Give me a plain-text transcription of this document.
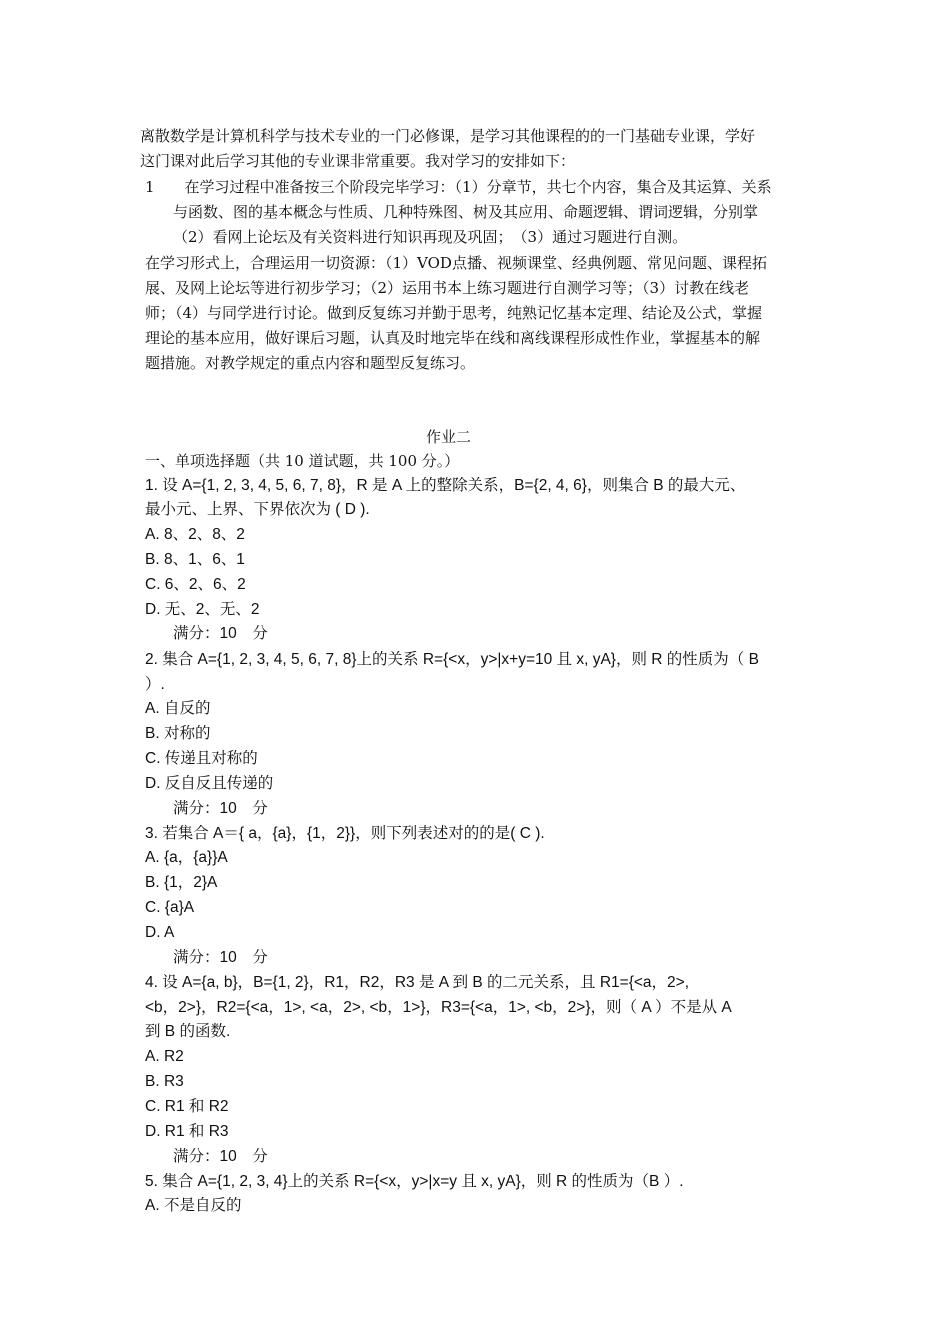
离散数学是计算机科学与技术专业的一门必修课，是学习其他课程的的一门基础专业课，学好
这门课对此后学习其他的专业课非常重要。我对学习的安排如下：
1　　在学习过程中准备按三个阶段完毕学习：（1）分章节，共七个内容，集合及其运算、关系
与函数、图的基本概念与性质、几种特殊图、树及其应用、命题逻辑、谓词逻辑，分别掌
（2）看网上论坛及有关资料进行知识再现及巩固；　（3）通过习题进行自测。
在学习形式上，合理运用一切资源：（1）VOD点播、视频课堂、经典例题、常见问题、课程拓
展、及网上论坛等进行初步学习；（2）运用书本上练习题进行自测学习等；（3）讨教在线老
师；（4）与同学进行讨论。做到反复练习并勤于思考，纯熟记忆基本定理、结论及公式，掌握
理论的基本应用，做好课后习题，认真及时地完毕在线和离线课程形成性作业，掌握基本的解
题措施。对教学规定的重点内容和题型反复练习。
作业二
一、单项选择题（共 10 道试题，共 100 分。）
1. 设 A={1, 2, 3, 4, 5, 6, 7, 8}，R 是 A 上的整除关系，B={2, 4, 6}，则集合 B 的最大元、
最小元、上界、下界依次为 ( D ).
A. 8、2、8、2
B. 8、1、6、1
C. 6、2、6、2
D. 无、2、无、2
满分：10　分
2. 集合 A={1, 2, 3, 4, 5, 6, 7, 8}上的关系 R={<x，y>|x+y=10 且 x, yA}，则 R 的性质为（ B
）.
A. 自反的
B. 对称的
C. 传递且对称的
D. 反自反且传递的
满分：10　分
3. 若集合 A＝{ a，{a}，{1，2}}，则下列表述对的的是( C ).
A. {a，{a}}A
B. {1，2}A
C. {a}A
D. A
满分：10　分
4. 设 A={a, b}，B={1, 2}，R1，R2，R3 是 A 到 B 的二元关系，且 R1={<a，2>,
<b，2>}，R2={<a，1>, <a，2>, <b，1>}，R3={<a，1>, <b，2>}，则（ A ）不是从 A
到 B 的函数.
A. R2
B. R3
C. R1 和 R2
D. R1 和 R3
满分：10　分
5. 集合 A={1, 2, 3, 4}上的关系 R={<x，y>|x=y 且 x, yA}，则 R 的性质为（B ）.
A. 不是自反的
